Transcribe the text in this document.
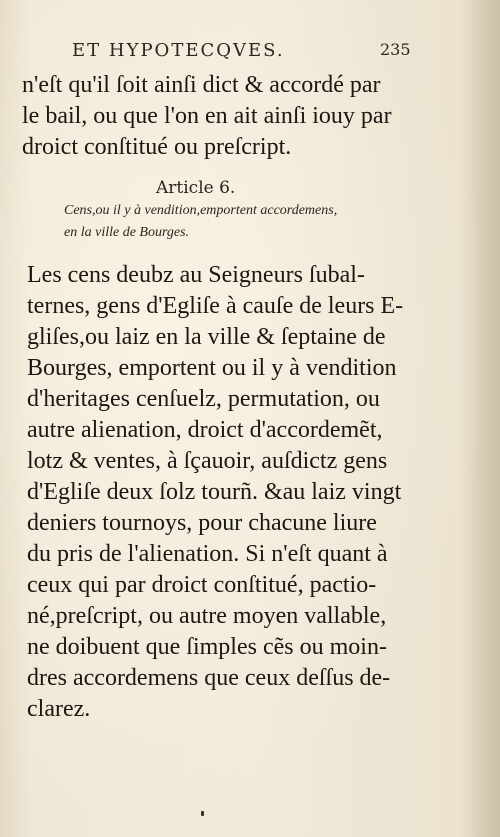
ET HYPOTECQVES.	235
n'eſt qu'il ſoit ainſi dict & accordé par
le bail, ou que l'on en ait ainſi iouy par
droict conſtitué ou preſcript.
Article 6.
Cens,ou il y à vendition,emportent accordemens,
en la ville de Bourges.
Les cens deubz au Seigneurs ſubal-
ternes, gens d'Egliſe à cauſe de leurs E-
gliſes,ou laiz en la ville & ſeptaine de
Bourges, emportent ou il y à vendition
d'heritages cenſuelz, permutation, ou
autre alienation, droict d'accordemẽt,
lotz & ventes, à ſçauoir, auſdictz gens
d'Egliſe deux ſolz tourñ. &au laiz vingt
deniers tournoys, pour chacune liure
du pris de l'alienation. Si n'eſt quant à
ceux qui par droict conſtitué, pactio-
né,preſcript, ou autre moyen vallable,
ne doibuent que ſimples cẽs ou moin-
dres accordemens que ceux deſſus de-
clarez.
